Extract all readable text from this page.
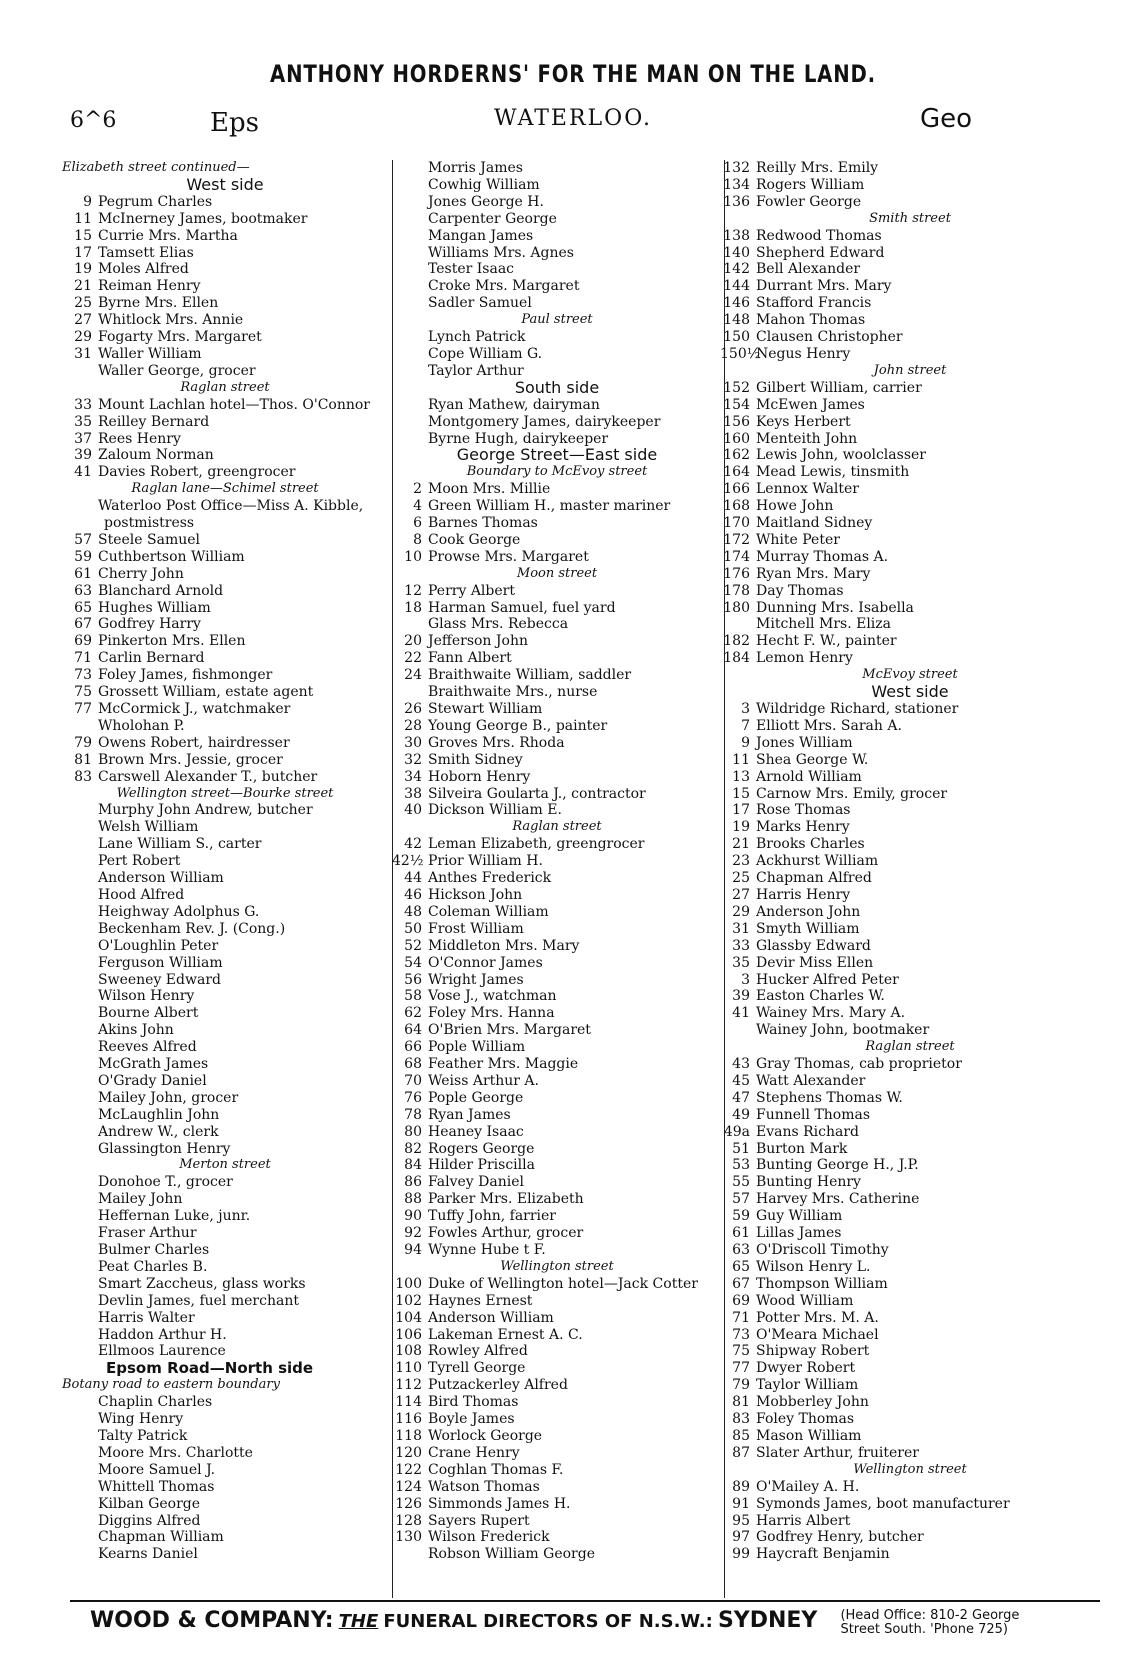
ANTHONY HORDERNS' FOR THE MAN ON THE LAND.
6^6	Eps	WATERLOO.	Geo
Elizabeth street continued—
West side
9 Pegrum Charles
11 McInerney James, bootmaker
15 Currie Mrs. Martha
17 Tamsett Elias
19 Moles Alfred
21 Reiman Henry
25 Byrne Mrs. Ellen
27 Whitlock Mrs. Annie
29 Fogarty Mrs. Margaret
31 Waller William
Waller George, grocer
Raglan street
33 Mount Lachlan hotel—Thos. O'Connor
35 Reilley Bernard
37 Rees Henry
39 Zaloum Norman
41 Davies Robert, greengrocer
Raglan lane—Schimel street
Waterloo Post Office—Miss A. Kibble,
postmistress
57 Steele Samuel
59 Cuthbertson William
61 Cherry John
63 Blanchard Arnold
65 Hughes William
67 Godfrey Harry
69 Pinkerton Mrs. Ellen
71 Carlin Bernard
73 Foley James, fishmonger
75 Grossett William, estate agent
77 McCormick J., watchmaker
Wholohan P.
79 Owens Robert, hairdresser
81 Brown Mrs. Jessie, grocer
83 Carswell Alexander T., butcher
Wellington street—Bourke street
Murphy John Andrew, butcher
Welsh William
Lane William S., carter
Pert Robert
Anderson William
Hood Alfred
Heighway Adolphus G.
Beckenham Rev. J. (Cong.)
O'Loughlin Peter
Ferguson William
Sweeney Edward
Wilson Henry
Bourne Albert
Akins John
Reeves Alfred
McGrath James
O'Grady Daniel
Mailey John, grocer
McLaughlin John
Andrew W., clerk
Glassington Henry
Merton street
Donohoe T., grocer
Mailey John
Heffernan Luke, junr.
Fraser Arthur
Bulmer Charles
Peat Charles B.
Smart Zaccheus, glass works
Devlin James, fuel merchant
Harris Walter
Haddon Arthur H.
Ellmoos Laurence
Epsom Road—North side
Botany road to eastern boundary
Chaplin Charles
Wing Henry
Talty Patrick
Moore Mrs. Charlotte
Moore Samuel J.
Whittell Thomas
Kilban George
Diggins Alfred
Chapman William
Kearns Daniel
Morris James
Cowhig William
Jones George H.
Carpenter George
Mangan James
Williams Mrs. Agnes
Tester Isaac
Croke Mrs. Margaret
Sadler Samuel
Paul street
Lynch Patrick
Cope William G.
Taylor Arthur
South side
Ryan Mathew, dairyman
Montgomery James, dairykeeper
Byrne Hugh, dairykeeper
George Street—East side
Boundary to McEvoy street
2 Moon Mrs. Millie
4 Green William H., master mariner
6 Barnes Thomas
8 Cook George
10 Prowse Mrs. Margaret
Moon street
12 Perry Albert
18 Harman Samuel, fuel yard
Glass Mrs. Rebecca
20 Jefferson John
22 Fann Albert
24 Braithwaite William, saddler
Braithwaite Mrs., nurse
26 Stewart William
28 Young George B., painter
30 Groves Mrs. Rhoda
32 Smith Sidney
34 Hoborn Henry
38 Silveira Goularta J., contractor
40 Dickson William E.
Raglan street
42 Leman Elizabeth, greengrocer
42½ Prior William H.
44 Anthes Frederick
46 Hickson John
48 Coleman William
50 Frost William
52 Middleton Mrs. Mary
54 O'Connor James
56 Wright James
58 Vose J., watchman
62 Foley Mrs. Hanna
64 O'Brien Mrs. Margaret
66 Pople William
68 Feather Mrs. Maggie
70 Weiss Arthur A.
76 Pople George
78 Ryan James
80 Heaney Isaac
82 Rogers George
84 Hilder Priscilla
86 Falvey Daniel
88 Parker Mrs. Elizabeth
90 Tuffy John, farrier
92 Fowles Arthur, grocer
94 Wynne Hube t F.
Wellington street
100 Duke of Wellington hotel—Jack Cotter
102 Haynes Ernest
104 Anderson William
106 Lakeman Ernest A. C.
108 Rowley Alfred
110 Tyrell George
112 Putzackerley Alfred
114 Bird Thomas
116 Boyle James
118 Worlock George
120 Crane Henry
122 Coghlan Thomas F.
124 Watson Thomas
126 Simmonds James H.
128 Sayers Rupert
130 Wilson Frederick
Robson William George
132 Reilly Mrs. Emily
134 Rogers William
136 Fowler George
Smith street
138 Redwood Thomas
140 Shepherd Edward
142 Bell Alexander
144 Durrant Mrs. Mary
146 Stafford Francis
148 Mahon Thomas
150 Clausen Christopher
150½Negus Henry
John street
152 Gilbert William, carrier
154 McEwen James
156 Keys Herbert
160 Menteith John
162 Lewis John, woolclasser
164 Mead Lewis, tinsmith
166 Lennox Walter
168 Howe John
170 Maitland Sidney
172 White Peter
174 Murray Thomas A.
176 Ryan Mrs. Mary
178 Day Thomas
180 Dunning Mrs. Isabella
Mitchell Mrs. Eliza
182 Hecht F. W., painter
184 Lemon Henry
McEvoy street
West side
3 Wildridge Richard, stationer
7 Elliott Mrs. Sarah A.
9 Jones William
11 Shea George W.
13 Arnold William
15 Carnow Mrs. Emily, grocer
17 Rose Thomas
19 Marks Henry
21 Brooks Charles
23 Ackhurst William
25 Chapman Alfred
27 Harris Henry
29 Anderson John
31 Smyth William
33 Glassby Edward
35 Devir Miss Ellen
3 Hucker Alfred Peter
39 Easton Charles W.
41 Wainey Mrs. Mary A.
Wainey John, bootmaker
Raglan street
43 Gray Thomas, cab proprietor
45 Watt Alexander
47 Stephens Thomas W.
49 Funnell Thomas
49a Evans Richard
51 Burton Mark
53 Bunting George H., J.P.
55 Bunting Henry
57 Harvey Mrs. Catherine
59 Guy William
61 Lillas James
63 O'Driscoll Timothy
65 Wilson Henry L.
67 Thompson William
69 Wood William
71 Potter Mrs. M. A.
73 O'Meara Michael
75 Shipway Robert
77 Dwyer Robert
79 Taylor William
81 Mobberley John
83 Foley Thomas
85 Mason William
87 Slater Arthur, fruiterer
Wellington street
89 O'Mailey A. H.
91 Symonds James, boot manufacturer
95 Harris Albert
97 Godfrey Henry, butcher
99 Haycraft Benjamin
WOOD & COMPANY: THE FUNERAL DIRECTORS OF N.S.W.: SYDNEY (Head Office: 810-2 George
Street South. 'Phone 725)
